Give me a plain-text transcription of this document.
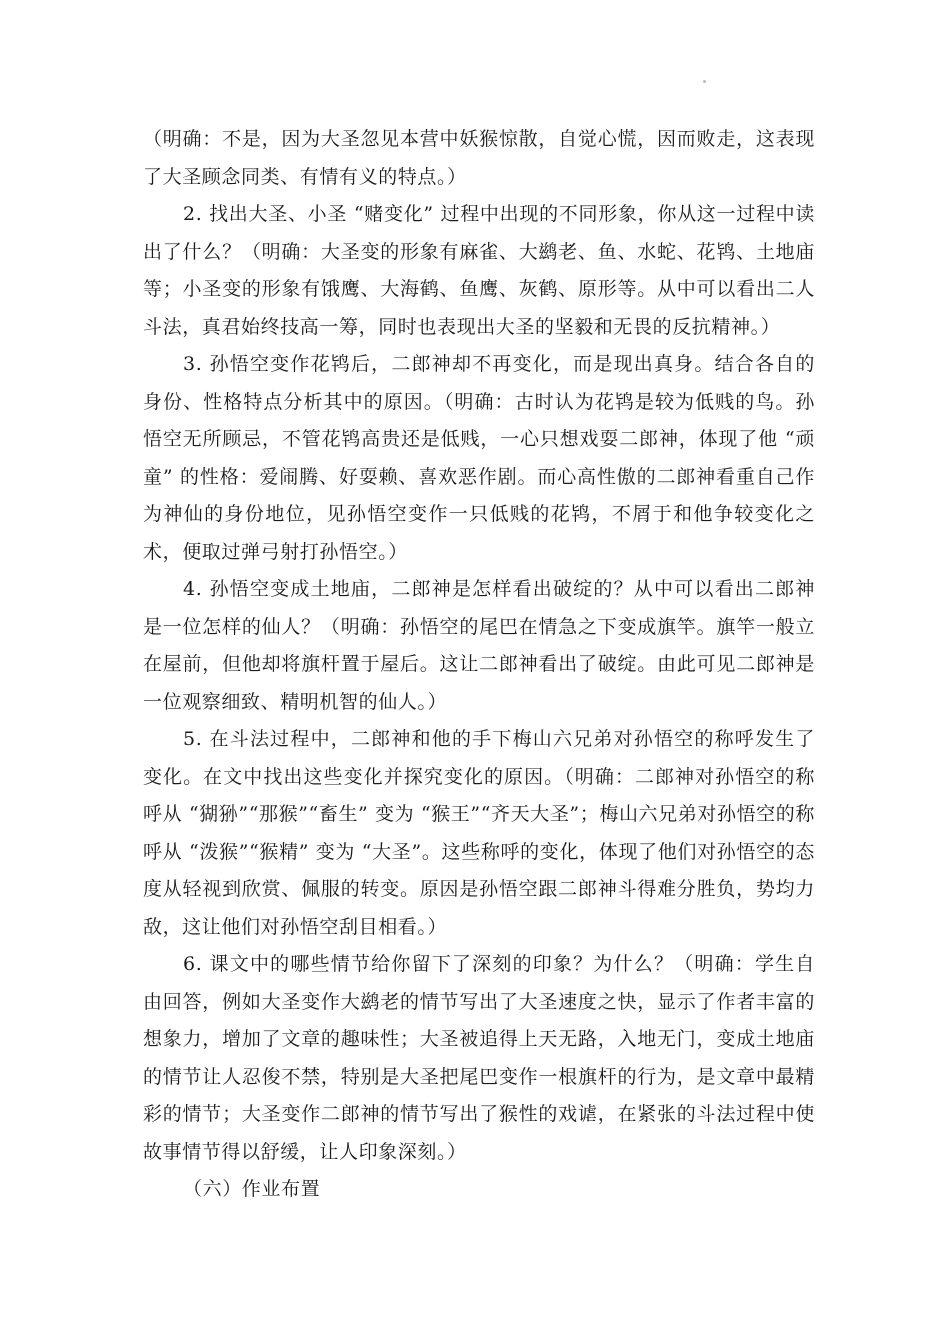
（明确：不是，因为大圣忽见本营中妖猴惊散，自觉心慌，因而败走，这表现了大圣顾念同类、有情有义的特点。）

2. 找出大圣、小圣 “赌变化” 过程中出现的不同形象，你从这一过程中读出了什么？（明确：大圣变的形象有麻雀、大鹚老、鱼、水蛇、花鸨、土地庙等；小圣变的形象有饿鹰、大海鹤、鱼鹰、灰鹤、原形等。从中可以看出二人斗法，真君始终技高一筹，同时也表现出大圣的坚毅和无畏的反抗精神。）

3. 孙悟空变作花鸨后，二郎神却不再变化，而是现出真身。结合各自的身份、性格特点分析其中的原因。（明确：古时认为花鸨是较为低贱的鸟。孙悟空无所顾忌，不管花鸨高贵还是低贱，一心只想戏耍二郎神，体现了他 “顽童” 的性格：爱闹腾、好耍赖、喜欢恶作剧。而心高性傲的二郎神看重自己作为神仙的身份地位，见孙悟空变作一只低贱的花鸨，不屑于和他争较变化之术，便取过弹弓射打孙悟空。）

4. 孙悟空变成土地庙，二郎神是怎样看出破绽的？从中可以看出二郎神是一位怎样的仙人？（明确：孙悟空的尾巴在情急之下变成旗竿。旗竿一般立在屋前，但他却将旗杆置于屋后。这让二郎神看出了破绽。由此可见二郎神是一位观察细致、精明机智的仙人。）

5. 在斗法过程中，二郎神和他的手下梅山六兄弟对孙悟空的称呼发生了变化。在文中找出这些变化并探究变化的原因。（明确：二郎神对孙悟空的称呼从 “猢狲”“那猴”“畜生” 变为 “猴王”“齐天大圣”；梅山六兄弟对孙悟空的称呼从 “泼猴”“猴精” 变为 “大圣”。这些称呼的变化，体现了他们对孙悟空的态度从轻视到欣赏、佩服的转变。原因是孙悟空跟二郎神斗得难分胜负，势均力敌，这让他们对孙悟空刮目相看。）

6. 课文中的哪些情节给你留下了深刻的印象？为什么？（明确：学生自由回答，例如大圣变作大鹚老的情节写出了大圣速度之快，显示了作者丰富的想象力，增加了文章的趣味性；大圣被追得上天无路，入地无门，变成土地庙的情节让人忍俊不禁，特别是大圣把尾巴变作一根旗杆的行为，是文章中最精彩的情节；大圣变作二郎神的情节写出了猴性的戏谑，在紧张的斗法过程中使故事情节得以舒缓，让人印象深刻。）

（六）作业布置
